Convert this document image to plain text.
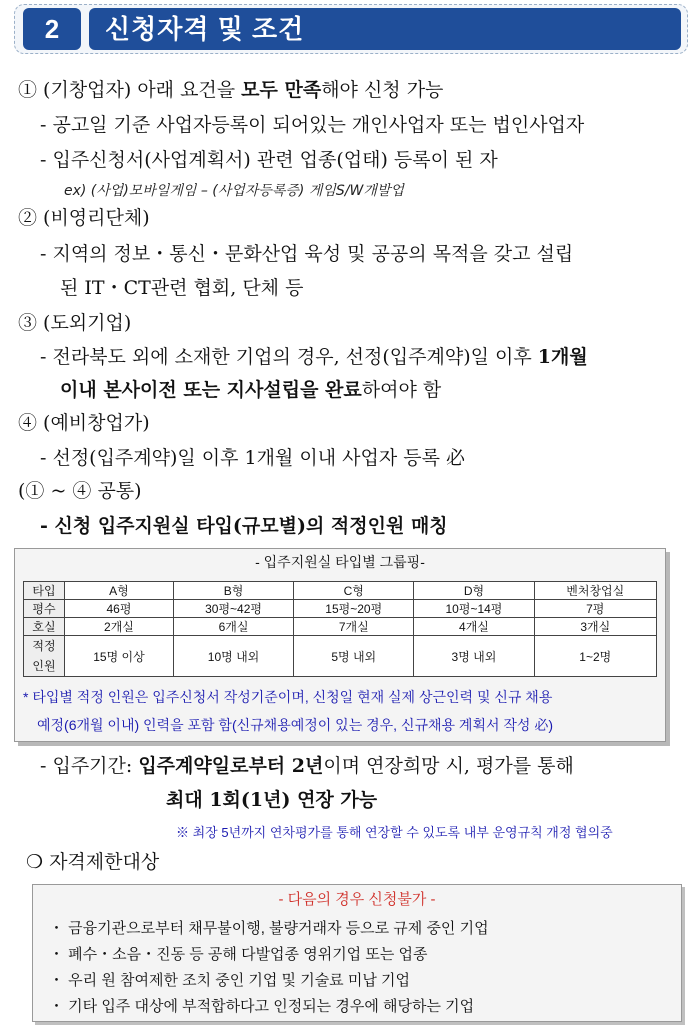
2	신청자격 및 조건
① (기창업자) 아래 요건을 모두 만족해야 신청 가능
- 공고일 기준 사업자등록이 되어있는 개인사업자 또는 법인사업자
- 입주신청서(사업계획서) 관련 업종(업태) 등록이 된 자
ex) (사업)모바일게임 – (사업자등록증) 게임S/W개발업
② (비영리단체)
- 지역의 정보・통신・문화산업 육성 및 공공의 목적을 갖고 설립
된 IT・CT관련 협회, 단체 등
③ (도외기업)
- 전라북도 외에 소재한 기업의 경우, 선정(입주계약)일 이후 1개월
이내 본사이전 또는 지사설립을 완료하여야 함
④ (예비창업가)
- 선정(입주계약)일 이후 1개월 이내 사업자 등록 必
(① ~ ④ 공통)
- 신청 입주지원실 타입(규모별)의 적정인원 매칭
- 입주지원실 타입별 그룹핑-
타입	A형	B형	C형	D형	벤처창업실
평수	46평	30평~42평	15평~20평	10평~14평	7평
호실	2개실	6개실	7개실	4개실	3개실

적정
인원	15명 이상	10명 내외	5명 내외	3명 내외	1~2명
* 타입별 적정 인원은 입주신청서 작성기준이며, 신청일 현재 실제 상근인력 및 신규 채용
예정(6개월 이내) 인력을 포함 함(신규채용예정이 있는 경우, 신규채용 계획서 작성 必)
- 입주기간: 입주계약일로부터 2년이며 연장희망 시, 평가를 통해
최대 1회(1년) 연장 가능
※ 최장 5년까지 연차평가를 통해 연장할 수 있도록 내부 운영규칙 개정 협의중
❍ 자격제한대상
- 다음의 경우 신청불가 -
・ 금융기관으로부터 채무불이행, 불량거래자 등으로 규제 중인 기업
・ 폐수・소음・진동 등 공해 다발업종 영위기업 또는 업종
・ 우리 원 참여제한 조치 중인 기업 및 기술료 미납 기업
・ 기타 입주 대상에 부적합하다고 인정되는 경우에 해당하는 기업
